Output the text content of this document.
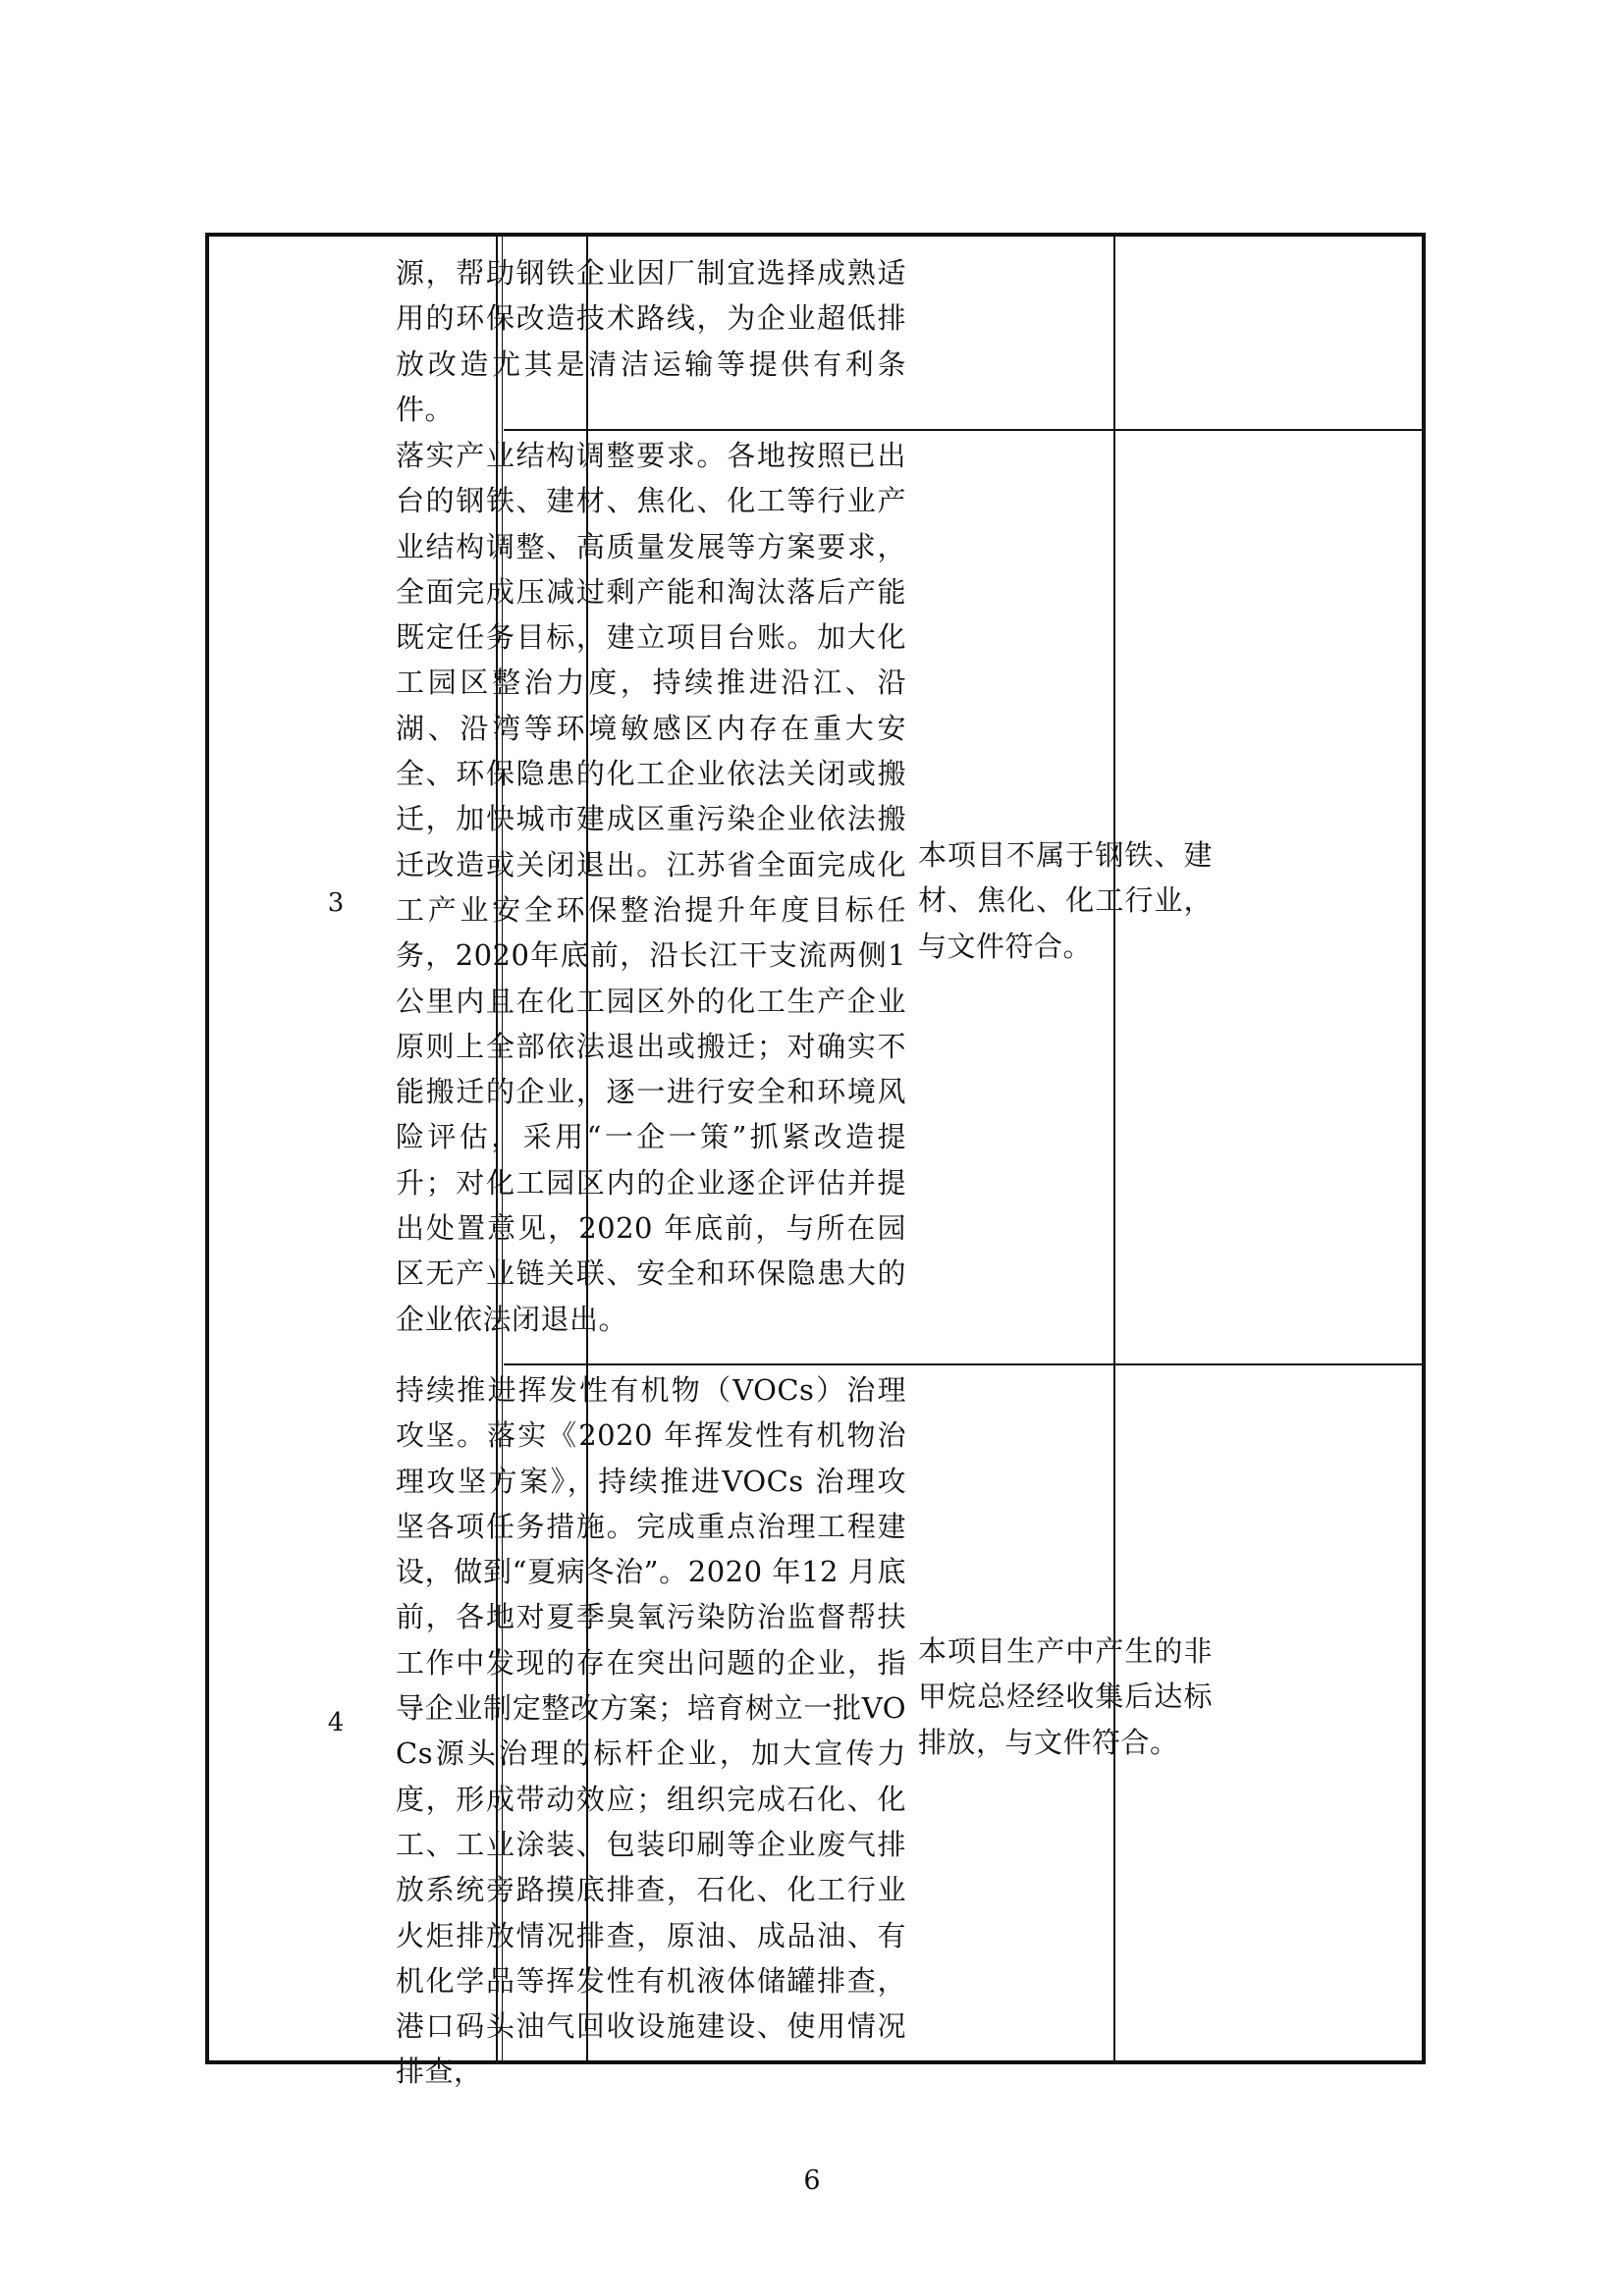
源，帮助钢铁企业因厂制宜选择成熟适用的环保改造技术路线，为企业超低排放改造尤其是清洁运输等提供有利条件。
3
落实产业结构调整要求。各地按照已出台的钢铁、建材、焦化、化工等行业产业结构调整、高质量发展等方案要求，全面完成压减过剩产能和淘汰落后产能既定任务目标，建立项目台账。加大化工园区整治力度，持续推进沿江、沿湖、沿湾等环境敏感区内存在重大安全、环保隐患的化工企业依法关闭或搬迁，加快城市建成区重污染企业依法搬迁改造或关闭退出。江苏省全面完成化工产业安全环保整治提升年度目标任务，2020年底前，沿长江干支流两侧1 公里内且在化工园区外的化工生产企业原则上全部依法退出或搬迁；对确实不能搬迁的企业，逐一进行安全和环境风险评估，采用“一企一策”抓紧改造提升；对化工园区内的企业逐企评估并提出处置意见，2020 年底前，与所在园区无产业链关联、安全和环保隐患大的企业依法闭退出。
本项目不属于钢铁、建材、焦化、化工行业，与文件符合。
4
持续推进挥发性有机物（VOCs）治理攻坚。落实《2020 年挥发性有机物治理攻坚方案》，持续推进VOCs 治理攻坚各项任务措施。完成重点治理工程建设，做到“夏病冬治”。2020 年12 月底前，各地对夏季臭氧污染防治监督帮扶工作中发现的存在突出问题的企业，指导企业制定整改方案；培育树立一批VOCs源头治理的标杆企业，加大宣传力度，形成带动效应；组织完成石化、化工、工业涂装、包装印刷等企业废气排放系统旁路摸底排查，石化、化工行业火炬排放情况排查，原油、成品油、有机化学品等挥发性有机液体储罐排查，港口码头油气回收设施建设、使用情况排查，
本项目生产中产生的非甲烷总烃经收集后达标排放，与文件符合。
6
